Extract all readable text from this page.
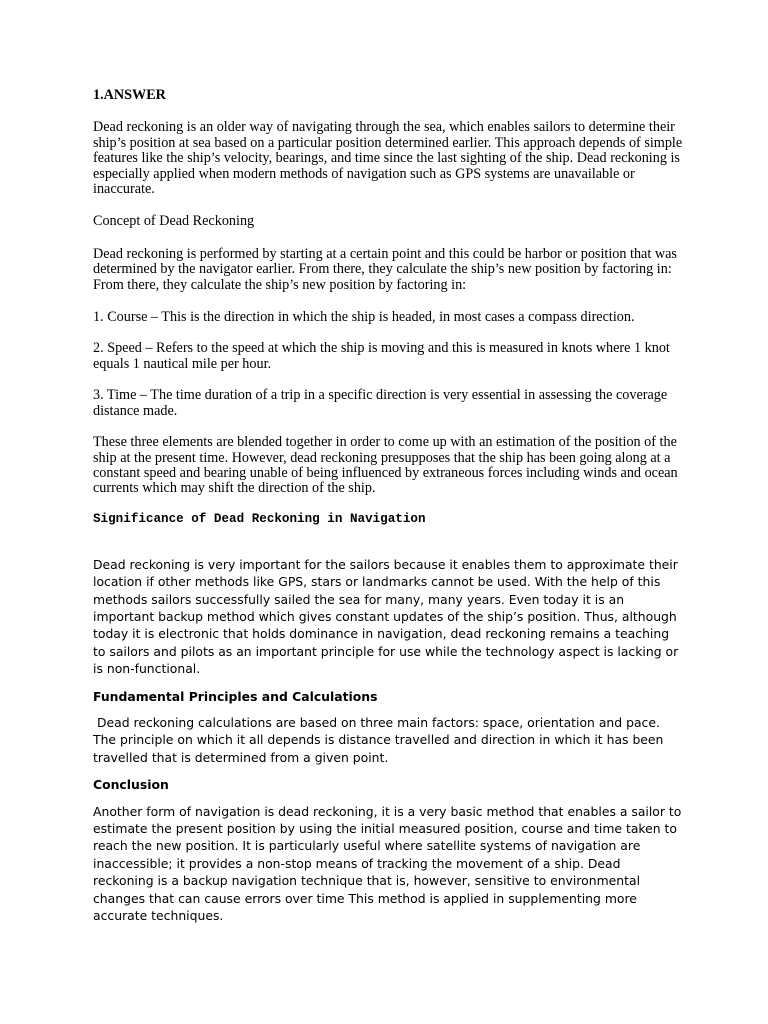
1.ANSWER

Dead reckoning is an older way of navigating through the sea, which enables sailors to determine their ship’s position at sea based on a particular position determined earlier. This approach depends of simple features like the ship’s velocity, bearings, and time since the last sighting of the ship. Dead reckoning is especially applied when modern methods of navigation such as GPS systems are unavailable or inaccurate.

Concept of Dead Reckoning

Dead reckoning is performed by starting at a certain point and this could be harbor or position that was determined by the navigator earlier. From there, they calculate the ship’s new position by factoring in: From there, they calculate the ship’s new position by factoring in:

1. Course – This is the direction in which the ship is headed, in most cases a compass direction.

2. Speed – Refers to the speed at which the ship is moving and this is measured in knots where 1 knot equals 1 nautical mile per hour.

3. Time – The time duration of a trip in a specific direction is very essential in assessing the coverage distance made.

These three elements are blended together in order to come up with an estimation of the position of the ship at the present time. However, dead reckoning presupposes that the ship has been going along at a constant speed and bearing unable of being influenced by extraneous forces including winds and ocean currents which may shift the direction of the ship.

Significance of Dead Reckoning in Navigation

Dead reckoning is very important for the sailors because it enables them to approximate their location if other methods like GPS, stars or landmarks cannot be used. With the help of this methods sailors successfully sailed the sea for many, many years. Even today it is an important backup method which gives constant updates of the ship’s position. Thus, although today it is electronic that holds dominance in navigation, dead reckoning remains a teaching to sailors and pilots as an important principle for use while the technology aspect is lacking or is non-functional.

Fundamental Principles and Calculations

Dead reckoning calculations are based on three main factors: space, orientation and pace. The principle on which it all depends is distance travelled and direction in which it has been travelled that is determined from a given point.

Conclusion

Another form of navigation is dead reckoning, it is a very basic method that enables a sailor to estimate the present position by using the initial measured position, course and time taken to reach the new position. It is particularly useful where satellite systems of navigation are inaccessible; it provides a non-stop means of tracking the movement of a ship. Dead reckoning is a backup navigation technique that is, however, sensitive to environmental changes that can cause errors over time This method is applied in supplementing more accurate techniques.
